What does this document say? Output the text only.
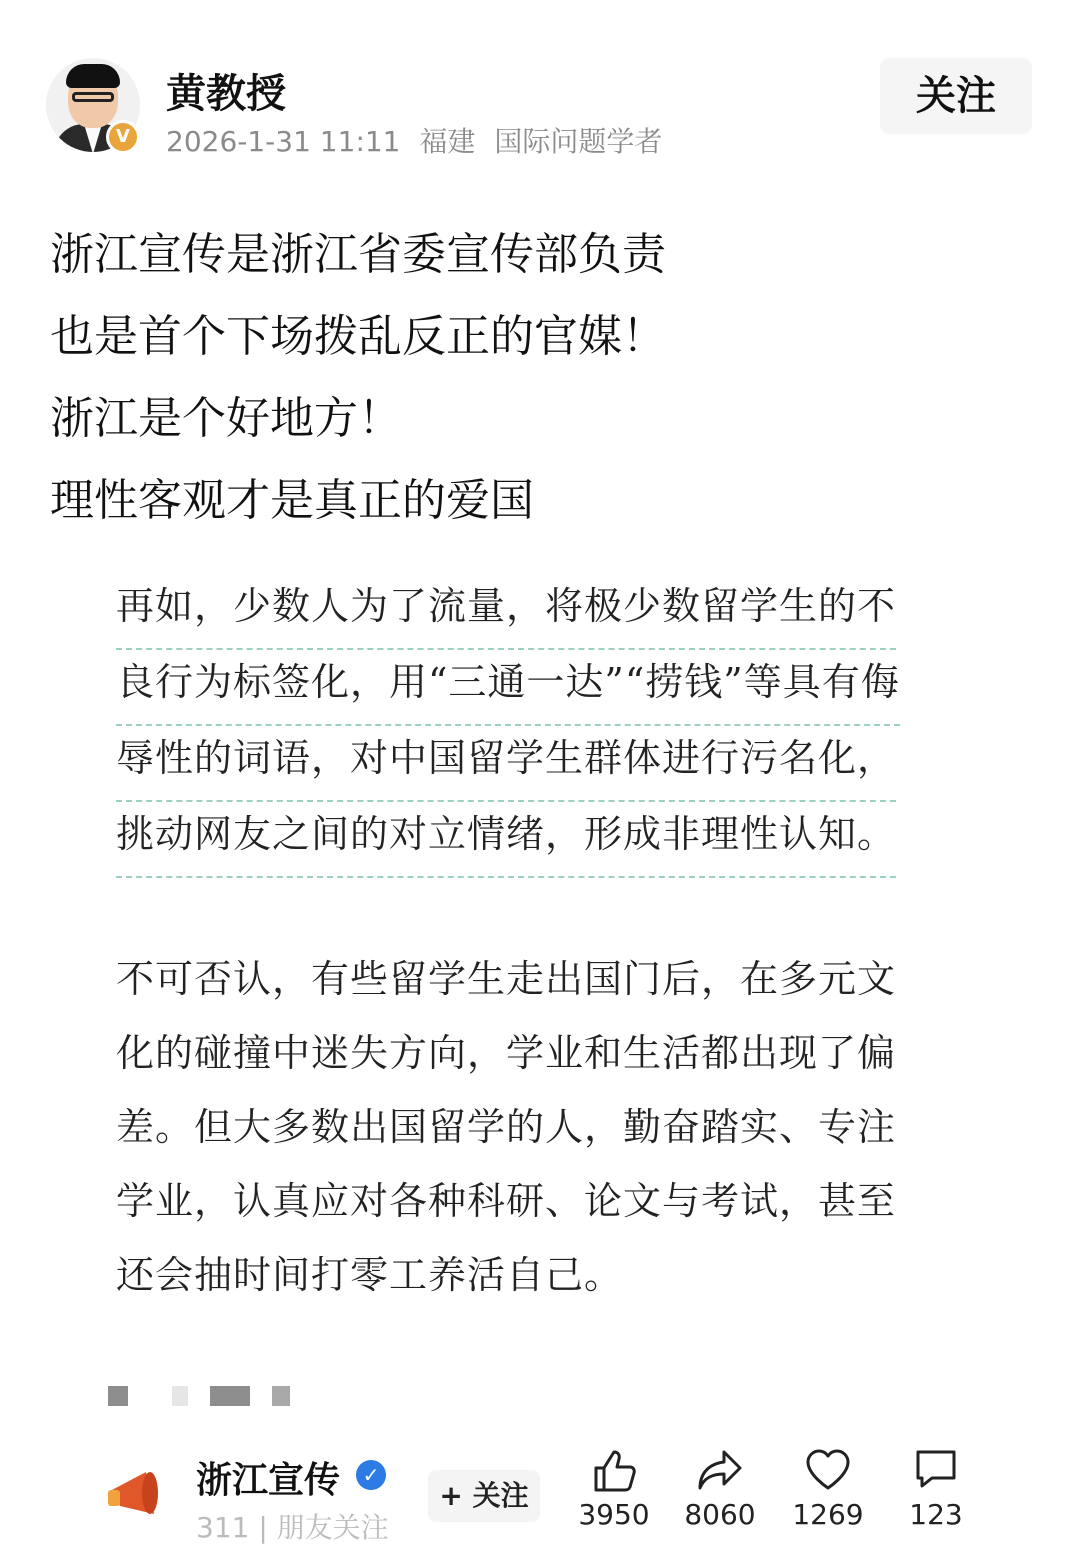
V
黄教授
2026-1-31 11:11 福建 国际问题学者
关注
浙江宣传是浙江省委宣传部负责
也是首个下场拨乱反正的官媒！
浙江是个好地方！
理性客观才是真正的爱国
再如，少数人为了流量，将极少数留学生的不
良行为标签化，用“三通一达”“捞钱”等具有侮
辱性的词语，对中国留学生群体进行污名化，
挑动网友之间的对立情绪，形成非理性认知。
不可否认，有些留学生走出国门后，在多元文
化的碰撞中迷失方向，学业和生活都出现了偏
差。但大多数出国留学的人，勤奋踏实、专注
学业，认真应对各种科研、论文与考试，甚至
还会抽时间打零工养活自己。
浙江宣传	✓
311 | 朋友关注
+ 关注
3950 8060 1269	123
